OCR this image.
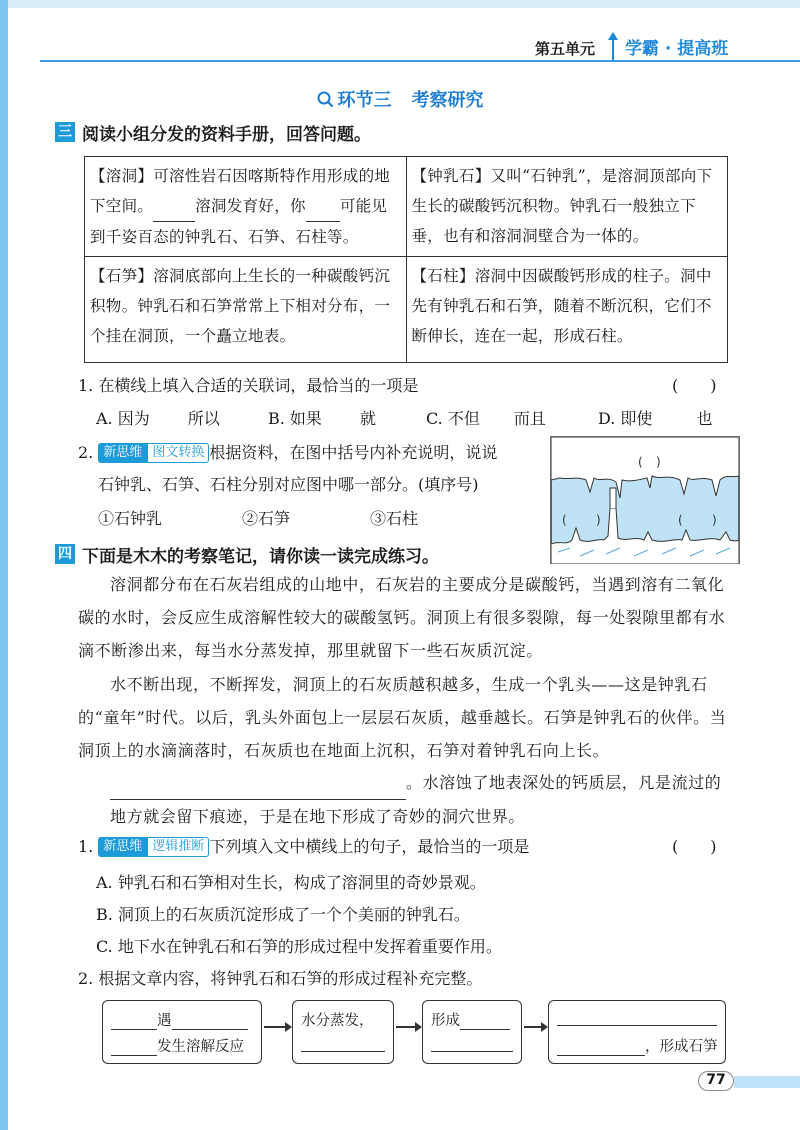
第五单元 学霸 · 提高班
环节三 考察研究
三 阅读小组分发的资料手册，回答问题。
【溶洞】可溶性岩石因喀斯特作用形成的地下空间。 溶洞发育好，你 可能见到千姿百态的钟乳石、石笋、石柱等。	【钟乳石】又叫“石钟乳”，是溶洞顶部向下生长的碳酸钙沉积物。钟乳石一般独立下垂，也有和溶洞洞壁合为一体的。
【石笋】溶洞底部向上生长的一种碳酸钙沉积物。钟乳石和石笋常常上下相对分布，一个挂在洞顶，一个矗立地表。	【石柱】溶洞中因碳酸钙形成的柱子。洞中先有钟乳石和石笋，随着不断沉积，它们不断伸长，连在一起，形成石柱。
1. 在横线上填入合适的关联词，最恰当的一项是	(　　)
A. 因为 所以	B. 如果 就	C. 不但 而且	D. 即使	也
2. 新思维 图文转换 根据资料，在图中括号内补充说明，说说
石钟乳、石笋、石柱分别对应图中哪一部分。(填序号)
①石钟乳	②石笋	③石柱
( )
( )	( )
四 下面是木木的考察笔记，请你读一读完成练习。
溶洞都分布在石灰岩组成的山地中，石灰岩的主要成分是碳酸钙，当遇到溶有二氧化碳的水时，会反应生成溶解性较大的碳酸氢钙。洞顶上有很多裂隙，每一处裂隙里都有水滴不断渗出来，每当水分蒸发掉，那里就留下一些石灰质沉淀。
水不断出现，不断挥发，洞顶上的石灰质越积越多，生成一个乳头——这是钟乳石的“童年”时代。以后，乳头外面包上一层层石灰质，越垂越长。石笋是钟乳石的伙伴。当洞顶上的水滴滴落时，石灰质也在地面上沉积，石笋对着钟乳石向上长。
。水溶蚀了地表深处的钙质层，凡是流过的地方就会留下痕迹，于是在地下形成了奇妙的洞穴世界。
1. 新思维 逻辑推断 下列填入文中横线上的句子，最恰当的一项是	(　　)
A. 钟乳石和石笋相对生长，构成了溶洞里的奇妙景观。
B. 洞顶上的石灰质沉淀形成了一个个美丽的钟乳石。
C. 地下水在钟乳石和石笋的形成过程中发挥着重要作用。
2. 根据文章内容，将钟乳石和石笋的形成过程补充完整。
遇
发生溶解反应
水分蒸发，
	形成

，形成石笋
77
